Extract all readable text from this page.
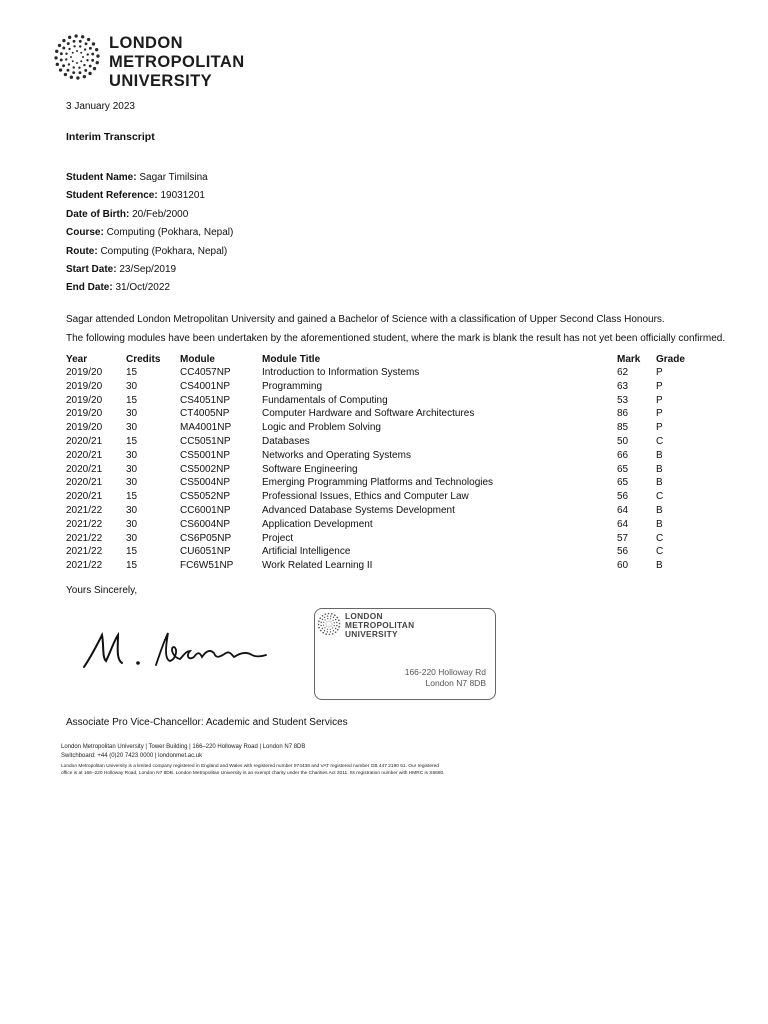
LONDON
METROPOLITAN
UNIVERSITY
3 January 2023
Interim Transcript
Student Name: Sagar Timilsina
Student Reference: 19031201
Date of Birth: 20/Feb/2000
Course: Computing (Pokhara, Nepal)
Route: Computing (Pokhara, Nepal)
Start Date: 23/Sep/2019
End Date: 31/Oct/2022
Sagar attended London Metropolitan University and gained a Bachelor of Science with a classification of Upper Second Class Honours.
The following modules have been undertaken by the aforementioned student, where the mark is blank the result has not yet been officially confirmed.
Year	Credits	Module	Module Title	Mark	Grade
2019/20	15	CC4057NP	Introduction to Information Systems	62	P
2019/20	30	CS4001NP	Programming	63	P
2019/20	15	CS4051NP	Fundamentals of Computing	53	P
2019/20	30	CT4005NP	Computer Hardware and Software Architectures	86	P
2019/20	30	MA4001NP	Logic and Problem Solving	85	P
2020/21	15	CC5051NP	Databases	50	C
2020/21	30	CS5001NP	Networks and Operating Systems	66	B
2020/21	30	CS5002NP	Software Engineering	65	B
2020/21	30	CS5004NP	Emerging Programming Platforms and Technologies	65	B
2020/21	15	CS5052NP	Professional Issues, Ethics and Computer Law	56	C
2021/22	30	CC6001NP	Advanced Database Systems Development	64	B
2021/22	30	CS6004NP	Application Development	64	B
2021/22	30	CS6P05NP	Project	57	C
2021/22	15	CU6051NP	Artificial Intelligence	56	C
2021/22	15	FC6W51NP	Work Related Learning II	60	B
Yours Sincerely,
LONDON
METROPOLITAN
UNIVERSITY
166-220 Holloway Rd
London N7 8DB
Associate Pro Vice-Chancellor: Academic and Student Services
London Metropolitan University | Tower Building | 166–220 Holloway Road | London N7 8DB
Switchboard: +44 (0)20 7423 0000 | londonmet.ac.uk
London Metropolitan University is a limited company registered in England and Wales with registered number 974438 and VAT registered number GB 447 2190 51. Our registered
office is at 166–220 Holloway Road, London N7 8DB. London Metropolitan University is an exempt charity under the Charities Act 2011. Its registration number with HMRC is X6680.
